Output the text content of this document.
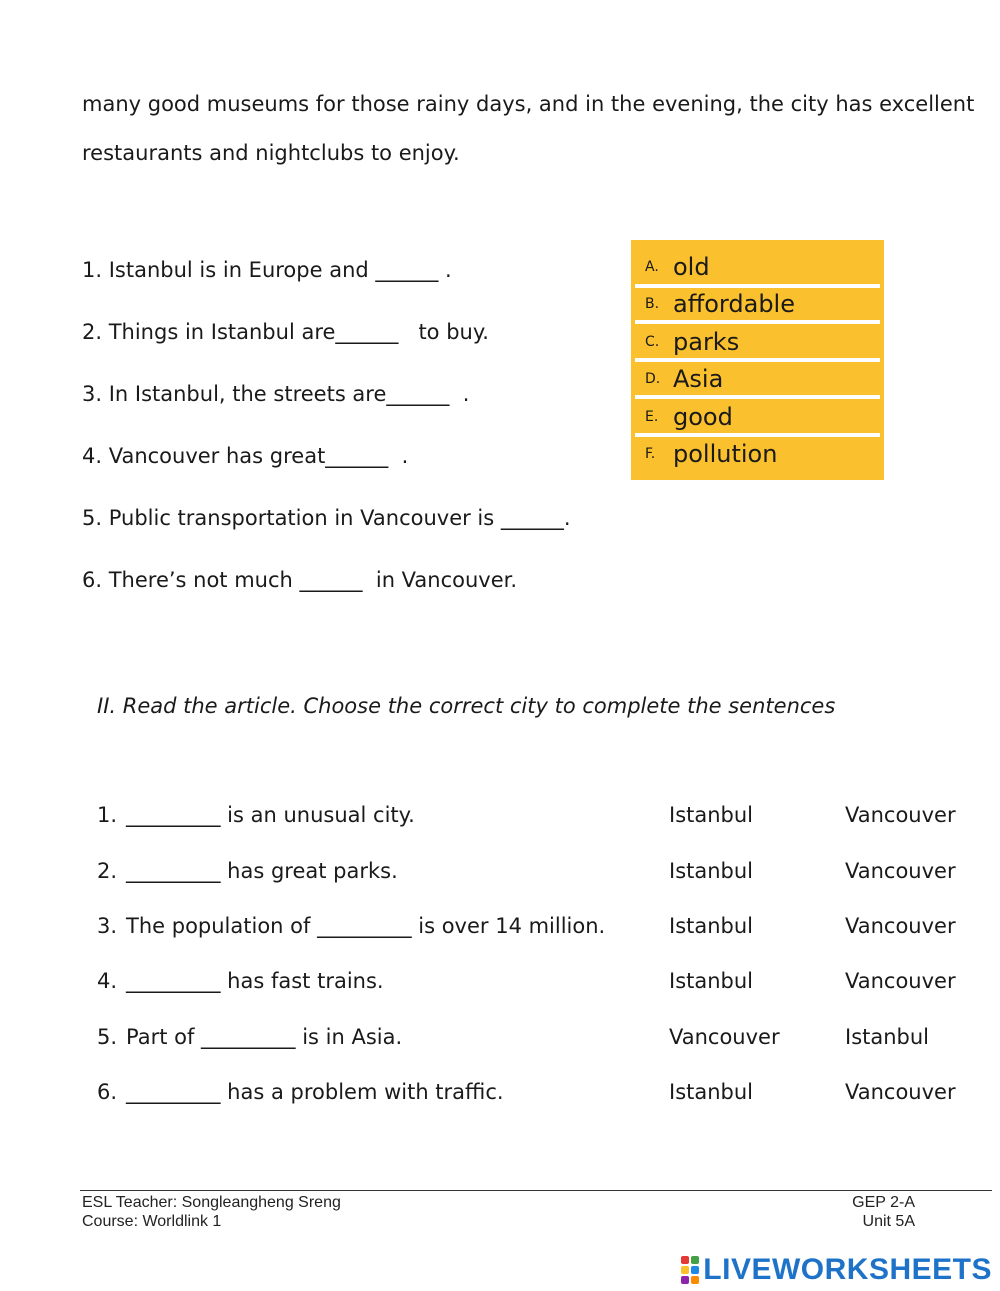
many good museums for those rainy days, and in the evening, the city has excellent

restaurants and nightclubs to enjoy.

1. Istanbul is in Europe and ______ .
2. Things in Istanbul are______   to buy.
3. In Istanbul, the streets are______  .
4. Vancouver has great______  .
5. Public transportation in Vancouver is ______.
6. There’s not much ______  in Vancouver.
A. old
B. affordable
C. parks
D. Asia
E. good
F. pollution
II. Read the article. Choose the correct city to complete the sentences
1. _________ is an unusual city.	Istanbul	Vancouver
2. _________ has great parks.	Istanbul	Vancouver
3. The population of _________ is over 14 million.	Istanbul	Vancouver
4. _________ has fast trains.	Istanbul	Vancouver
5. Part of _________ is in Asia.	Vancouver	Istanbul
6. _________ has a problem with traffic.	Istanbul	Vancouver
ESL Teacher: Songleangheng Sreng
Course: Worldlink 1
GEP 2-A
Unit 5A
LIVEWORKSHEETS
